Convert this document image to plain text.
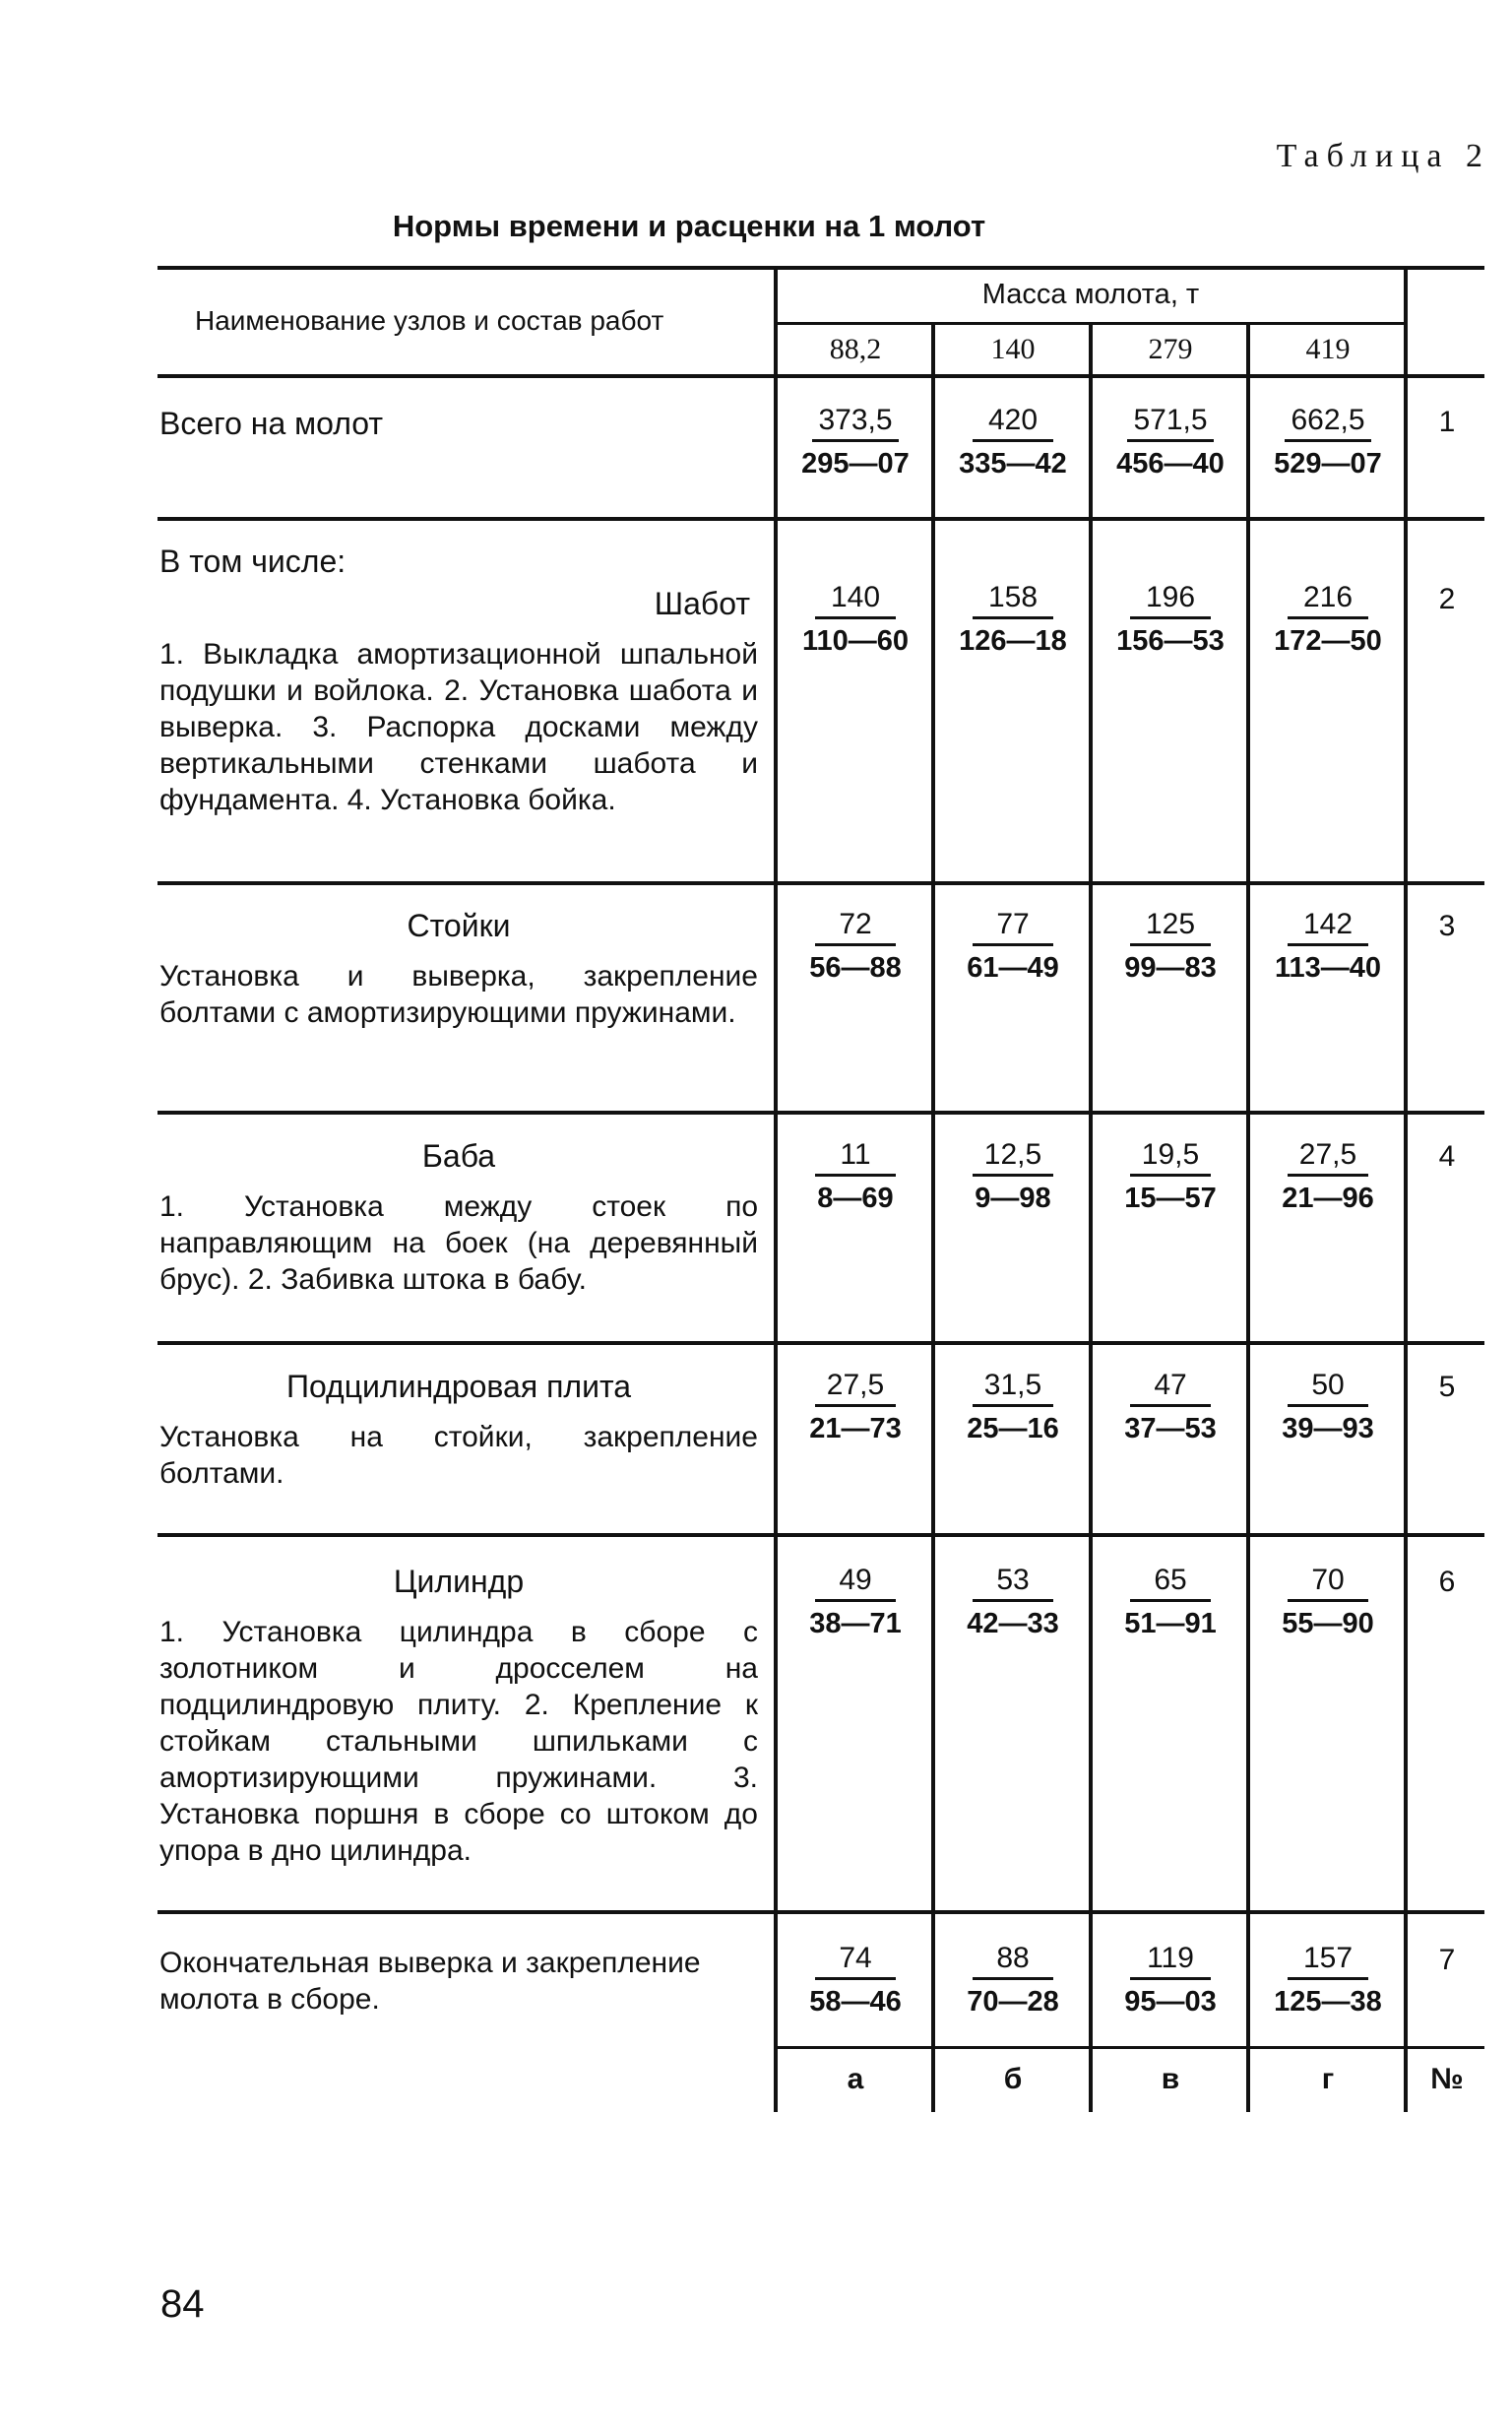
Таблица 2
Нормы времени и расценки на 1 молот
Наименование узлов и состав работ
Масса молота, т
88,2	140	279	419
Всего на молот	$\frac{373,5}{295—07} \frac{420}{335—42} \frac{571,5}{456—40} \frac{662,5}{529—07}$	1
В том числе:
Шабот
1. Выкладка амортизационной шпальной подушки и войлока. 2. Установка шабота и выверка. 3. Распорка досками между вертикальными стенками шабота и фундамента. 4. Установка бойка.
$\frac{140}{110—60} \frac{158}{126—18} \frac{196}{156—53} \frac{216}{172—50}$	2
Стойки
Установка и выверка, закрепление болтами с амортизирующими пружинами.
$\frac{72}{56—88} \frac{77}{61—49} \frac{125}{99—83} \frac{142}{113—40}$	3
Баба
1. Установка между стоек по направляющим на боек (на деревянный брус). 2. Забивка штока в бабу.
$\frac{11}{8—69} \frac{12,5}{9—98} \frac{19,5}{15—57} \frac{27,5}{21—96}$	4
Подцилиндровая плита
Установка на стойки, закрепление болтами.
$\frac{27,5}{21—73} \frac{31,5}{25—16} \frac{47}{37—53} \frac{50}{39—93}$	5
Цилиндр
1. Установка цилиндра в сборе с золотником и дросселем на подцилиндровую плиту. 2. Крепление к стойкам стальными шпильками с амортизирующими пружинами. 3. Установка поршня в сборе со штоком до упора в дно цилиндра.
$\frac{49}{38—71} \frac{53}{42—33} \frac{65}{51—91} \frac{70}{55—90}$	6
Окончательная выверка и закрепление молота в сборе.	$\frac{74}{58—46} \frac{88}{70—28} \frac{119}{95—03} \frac{157}{125—38}$	7
а	б	в	г	№
84
